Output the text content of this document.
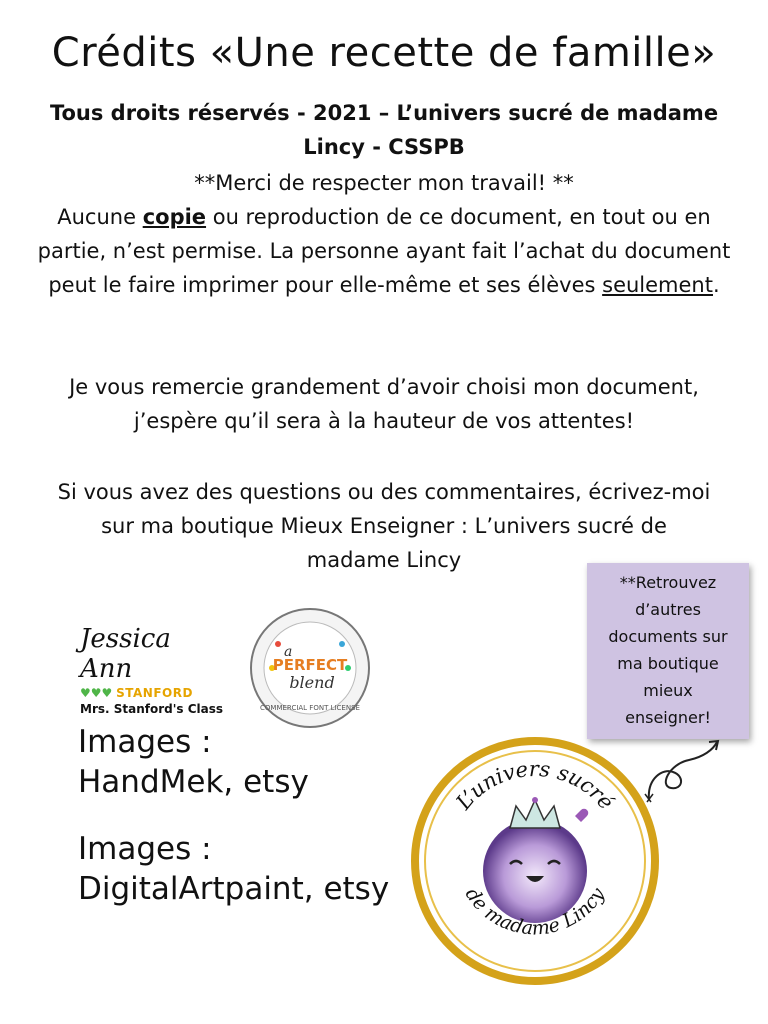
Crédits «Une recette de famille»
Tous droits réservés - 2021 – L’univers sucré de madame
Lincy - CSSPB
**Merci de respecter mon travail! **
Aucune copie ou reproduction de ce document, en tout ou en partie, n’est permise. La personne ayant fait l’achat du document peut le faire imprimer pour elle-même et ses élèves seulement.
Je vous remercie grandement d’avoir choisi mon document,
j’espère qu’il sera à la hauteur de vos attentes!
Si vous avez des questions ou des commentaires, écrivez-moi
sur ma boutique Mieux Enseigner : L’univers sucré de
madame Lincy
**Retrouvez
d’autres
documents sur
ma boutique
mieux
enseigner!
Jessica Ann
♥♥♥ STANFORD
Mrs. Stanford's Class
a
PERFECT
blend
COMMERCIAL FONT LICENSE
Images :
HandMek, etsy
Images :
DigitalArtpaint, etsy
L’univers sucré
de madame Lincy
